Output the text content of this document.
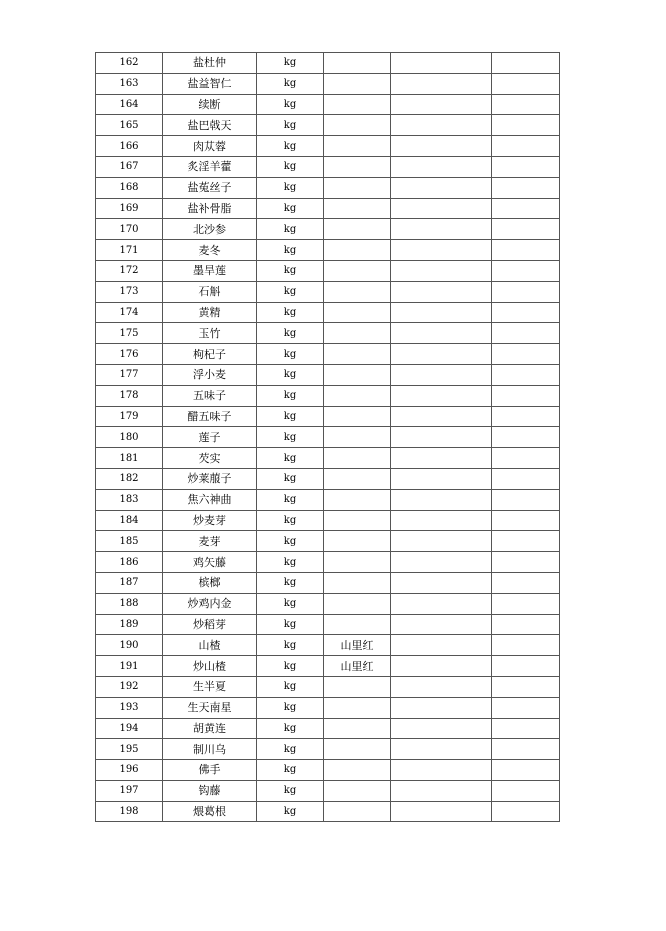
162	盐杜仲	kg			
163	盐益智仁	kg			
164	续断	kg			
165	盐巴戟天	kg			
166	肉苁蓉	kg			
167	炙淫羊藿	kg			
168	盐菟丝子	kg			
169	盐补骨脂	kg			
170	北沙参	kg			
171	麦冬	kg			
172	墨旱莲	kg			
173	石斛	kg			
174	黄精	kg			
175	玉竹	kg			
176	枸杞子	kg			
177	浮小麦	kg			
178	五味子	kg			
179	醋五味子	kg			
180	莲子	kg			
181	芡实	kg			
182	炒莱菔子	kg			
183	焦六神曲	kg			
184	炒麦芽	kg			
185	麦芽	kg			
186	鸡矢藤	kg			
187	槟榔	kg			
188	炒鸡内金	kg			
189	炒稻芽	kg			
190	山楂	kg	山里红		
191	炒山楂	kg	山里红		
192	生半夏	kg			
193	生天南星	kg			
194	胡黄连	kg			
195	制川乌	kg			
196	佛手	kg			
197	钩藤	kg			
198	煨葛根	kg			
